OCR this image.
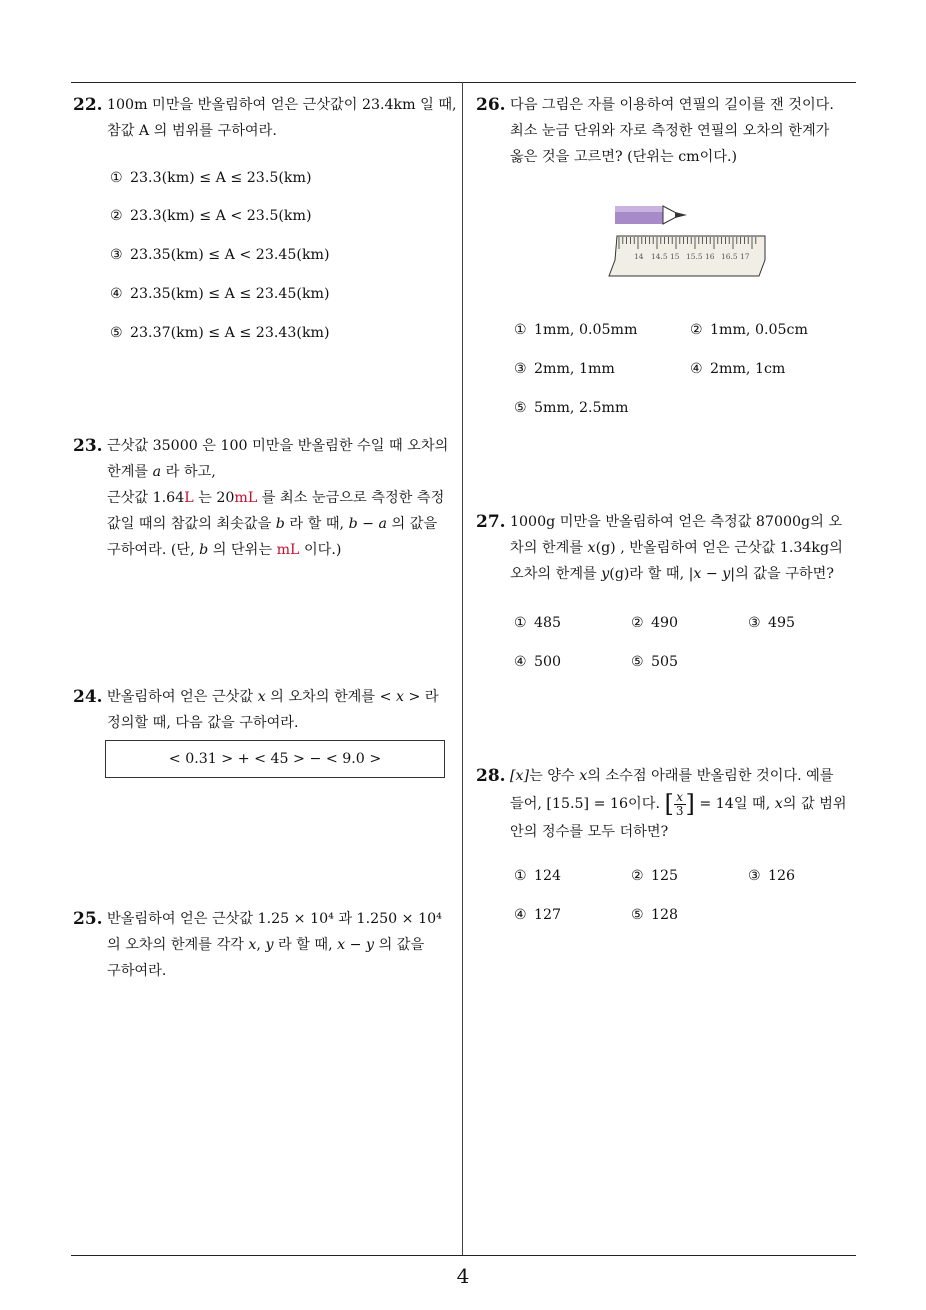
4
22. 100m 미만을 반올림하여 얻은 근삿값이 23.4km 일 때,
참값 A 의 범위를 구하여라.
① 23.3(km) ≤ A ≤ 23.5(km)
② 23.3(km) ≤ A < 23.5(km)
③ 23.35(km) ≤ A < 23.45(km)
④ 23.35(km) ≤ A ≤ 23.45(km)
⑤ 23.37(km) ≤ A ≤ 23.43(km)
23. 근삿값 35000 은 100 미만을 반올림한 수일 때 오차의
한계를 a 라 하고,
근삿값 1.64L 는 20mL 를 최소 눈금으로 측정한 측정
값일 때의 참값의 최솟값을 b 라 할 때, b − a 의 값을
구하여라. (단, b 의 단위는 mL 이다.)
24. 반올림하여 얻은 근삿값 x 의 오차의 한계를 < x > 라
정의할 때, 다음 값을 구하여라.
< 0.31 > + < 45 > − < 9.0 >
25. 반올림하여 얻은 근삿값 1.25 × 10⁴ 과 1.250 × 10⁴
의 오차의 한계를 각각 x, y 라 할 때, x − y 의 값을
구하여라.
26. 다음 그림은 자를 이용하여 연필의 길이를 잰 것이다.
최소 눈금 단위와 자로 측정한 연필의 오차의 한계가
옳은 것을 고르면? (단위는 cm이다.)
14 14.5 15 15.5 16 16.5 17
① 1mm, 0.05mm	② 1mm, 0.05cm
③ 2mm, 1mm	④ 2mm, 1cm
⑤ 5mm, 2.5mm
27. 1000g 미만을 반올림하여 얻은 측정값 87000g의 오
차의 한계를 x(g) , 반올림하여 얻은 근삿값 1.34kg의
오차의 한계를 y(g)라 할 때, |x − y|의 값을 구하면?
① 485	② 490	③ 495
④ 500	⑤ 505
28. [x]는 양수 x의 소수점 아래를 반올림한 것이다. 예를
들어, [15.5] = 16이다. [ $\frac{x}{3}$ ] = 14일 때, x의 값 범위
안의 정수를 모두 더하면?
① 124	② 125	③ 126
④ 127	⑤ 128
